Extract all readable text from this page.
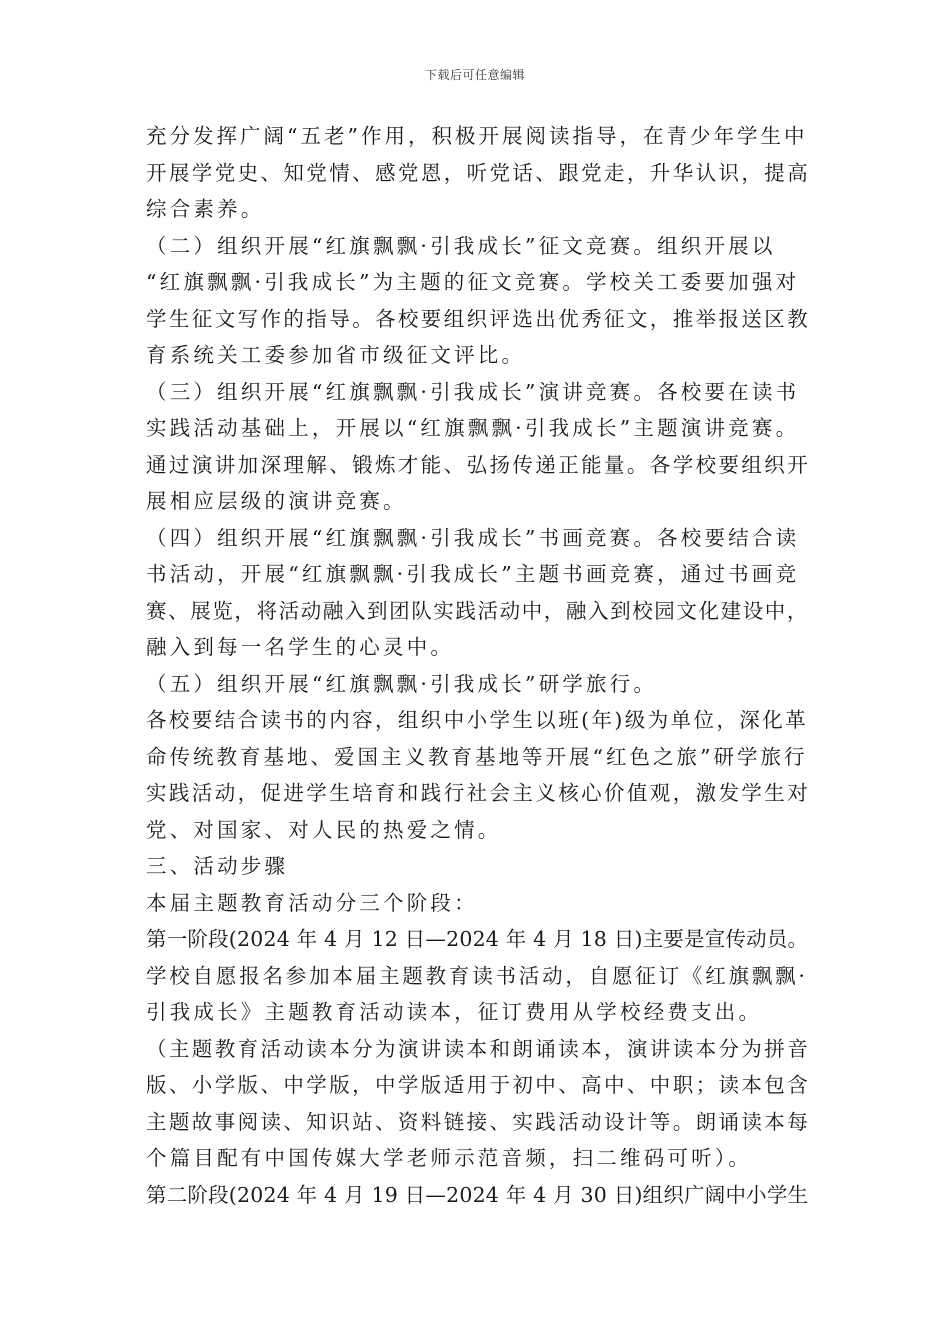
下载后可任意编辑
充分发挥广阔“五老”作用，积极开展阅读指导，在青少年学生中
开展学党史、知党情、感党恩，听党话、跟党走，升华认识，提高
综合素养。
（二）组织开展“红旗飘飘·引我成长”征文竞赛。组织开展以
“红旗飘飘·引我成长”为主题的征文竞赛。学校关工委要加强对
学生征文写作的指导。各校要组织评选出优秀征文，推举报送区教
育系统关工委参加省市级征文评比。
（三）组织开展“红旗飘飘·引我成长”演讲竞赛。各校要在读书
实践活动基础上，开展以“红旗飘飘·引我成长”主题演讲竞赛。
通过演讲加深理解、锻炼才能、弘扬传递正能量。各学校要组织开
展相应层级的演讲竞赛。
（四）组织开展“红旗飘飘·引我成长”书画竞赛。各校要结合读
书活动，开展“红旗飘飘·引我成长”主题书画竞赛，通过书画竞
赛、展览，将活动融入到团队实践活动中，融入到校园文化建设中，
融入到每一名学生的心灵中。
（五）组织开展“红旗飘飘·引我成长”研学旅行。
各校要结合读书的内容，组织中小学生以班(年)级为单位，深化革
命传统教育基地、爱国主义教育基地等开展“红色之旅”研学旅行
实践活动，促进学生培育和践行社会主义核心价值观，激发学生对
党、对国家、对人民的热爱之情。
三、活动步骤
本届主题教育活动分三个阶段：
第一阶段(2024 年 4 月 12 日—2024 年 4 月 18 日)主要是宣传动员。
学校自愿报名参加本届主题教育读书活动，自愿征订《红旗飘飘·
引我成长》主题教育活动读本，征订费用从学校经费支出。
（主题教育活动读本分为演讲读本和朗诵读本，演讲读本分为拼音
版、小学版、中学版，中学版适用于初中、高中、中职；读本包含
主题故事阅读、知识站、资料链接、实践活动设计等。朗诵读本每
个篇目配有中国传媒大学老师示范音频，扫二维码可听）。
第二阶段(2024 年 4 月 19 日—2024 年 4 月 30 日)组织广阔中小学生
